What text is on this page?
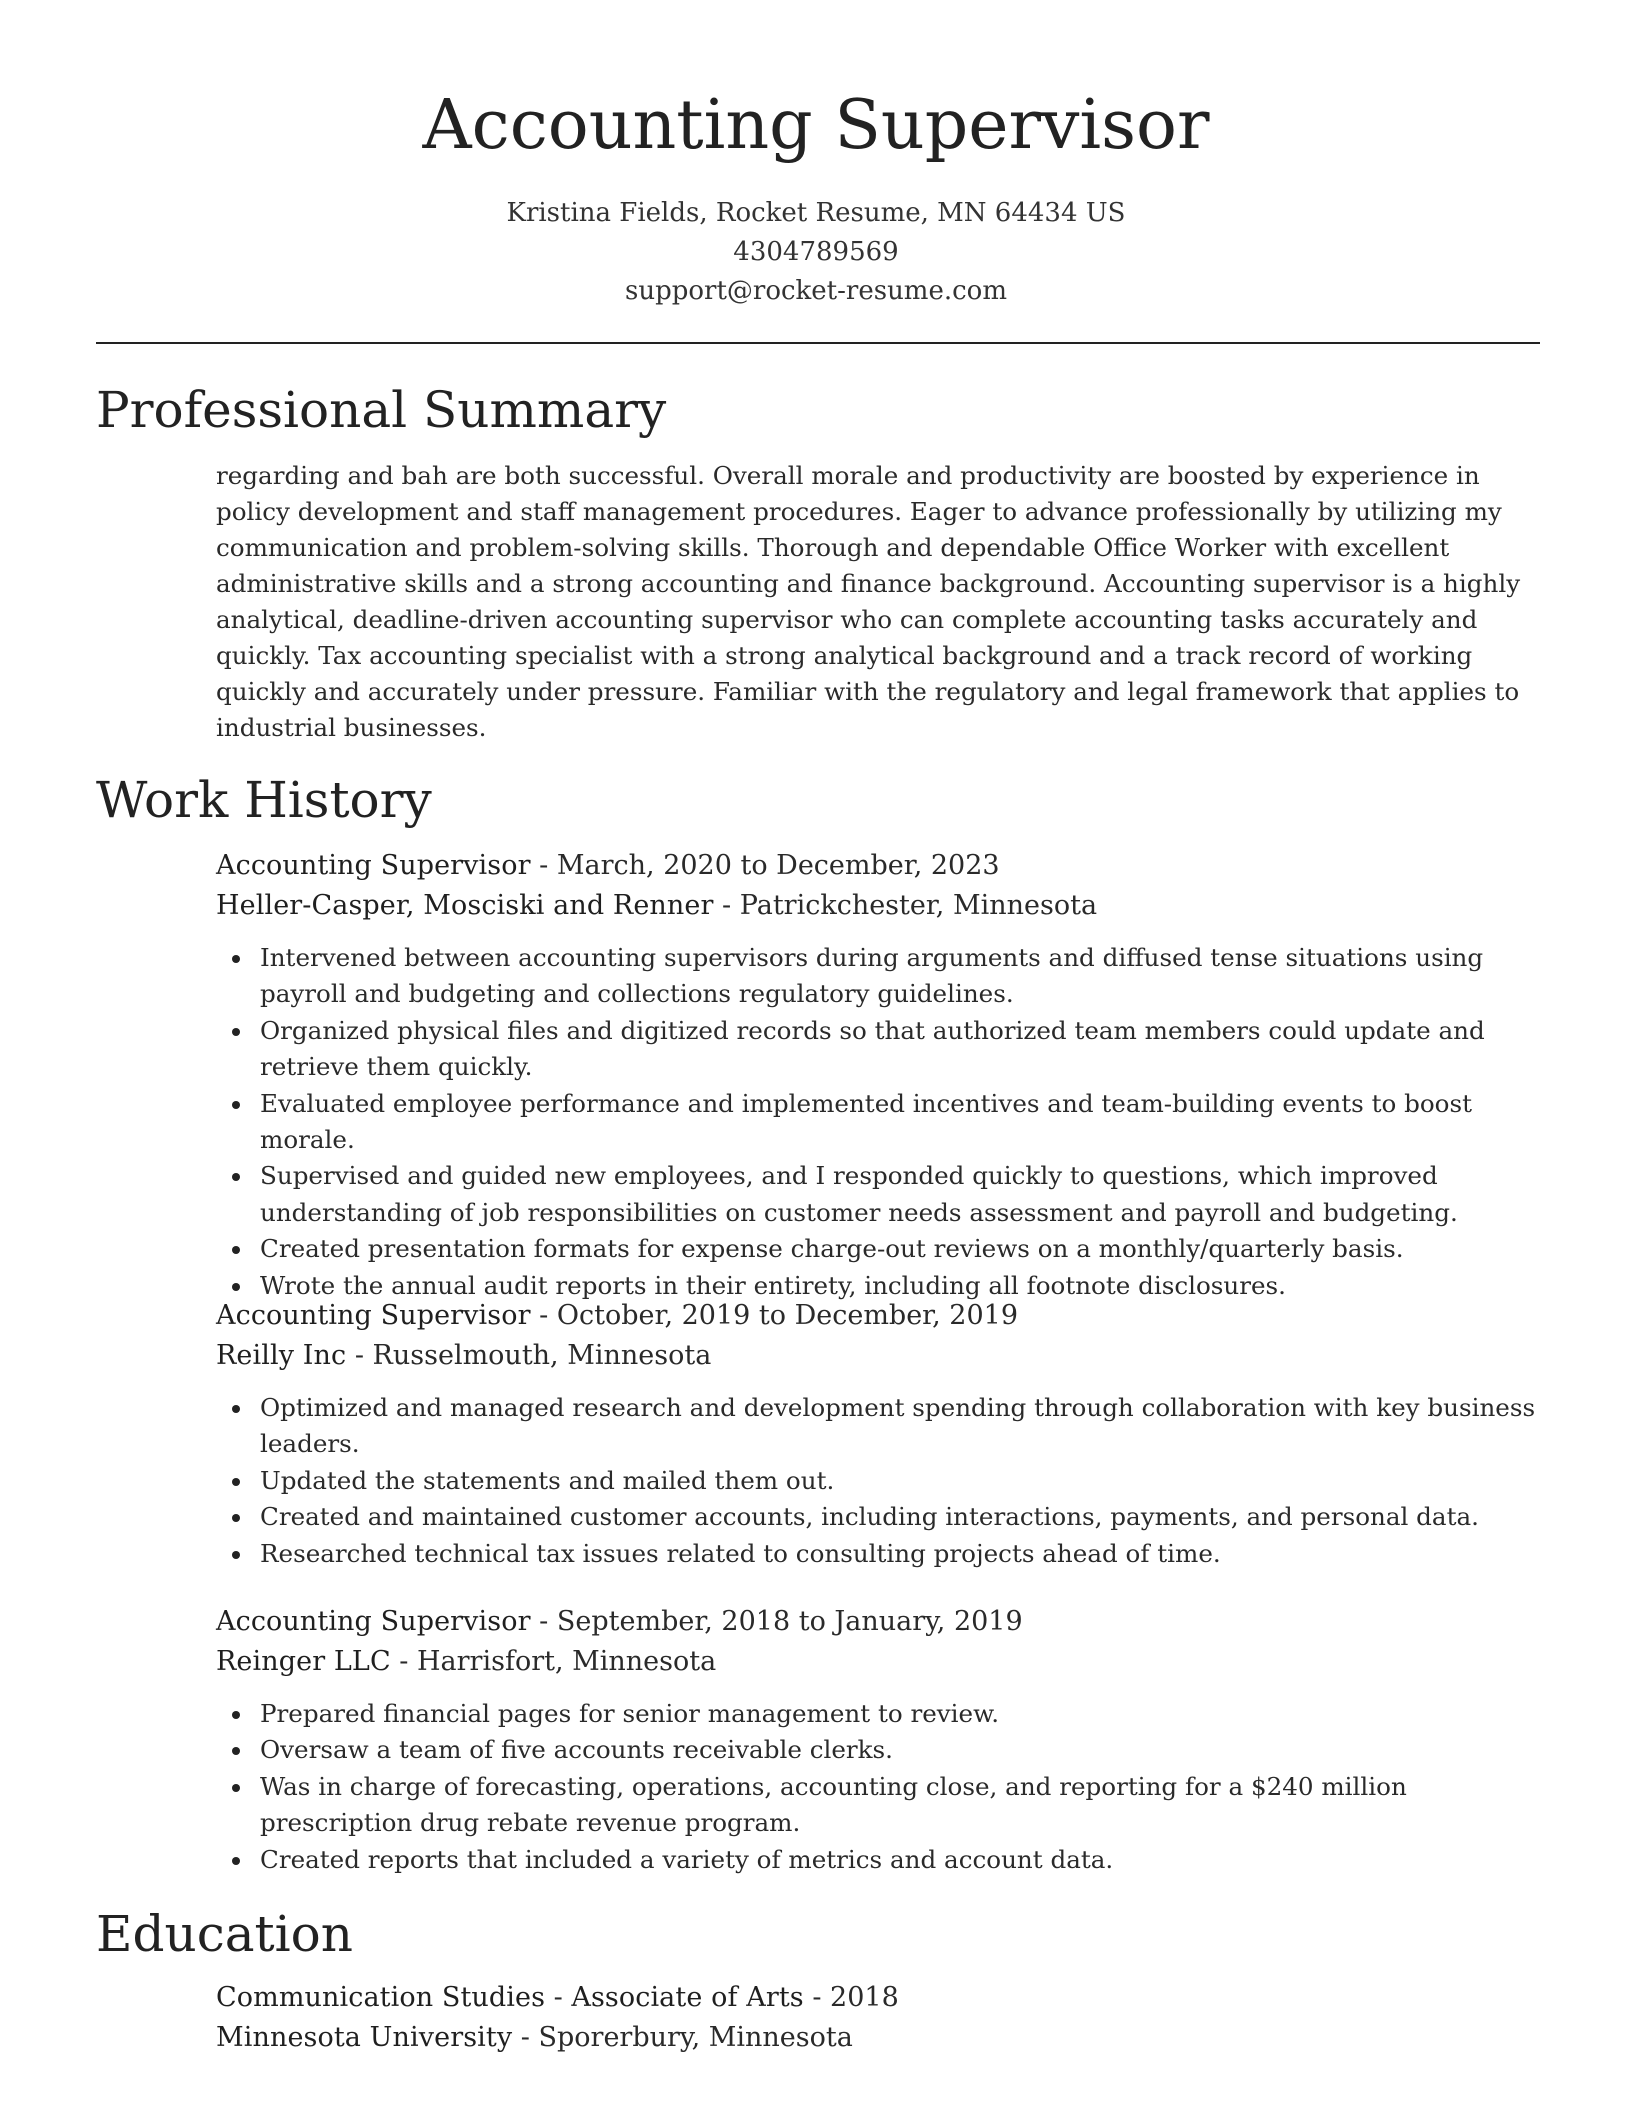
Accounting Supervisor
Kristina Fields, Rocket Resume, MN 64434 US
4304789569
support@rocket-resume.com
Professional Summary

regarding and bah are both successful. Overall morale and productivity are boosted by experience in policy development and staff management procedures. Eager to advance professionally by utilizing my communication and problem-solving skills. Thorough and dependable Office Worker with excellent administrative skills and a strong accounting and finance background. Accounting supervisor is a highly analytical, deadline-driven accounting supervisor who can complete accounting tasks accurately and quickly. Tax accounting specialist with a strong analytical background and a track record of working quickly and accurately under pressure. Familiar with the regulatory and legal framework that applies to industrial businesses.

Work History
Accounting Supervisor - March, 2020 to December, 2023
Heller-Casper, Mosciski and Renner - Patrickchester, Minnesota
Intervened between accounting supervisors during arguments and diffused tense situations using payroll and budgeting and collections regulatory guidelines.
Organized physical files and digitized records so that authorized team members could update and retrieve them quickly.
Evaluated employee performance and implemented incentives and team-building events to boost morale.
Supervised and guided new employees, and I responded quickly to questions, which improved understanding of job responsibilities on customer needs assessment and payroll and budgeting.
Created presentation formats for expense charge-out reviews on a monthly/quarterly basis.
Wrote the annual audit reports in their entirety, including all footnote disclosures.
Accounting Supervisor - October, 2019 to December, 2019
Reilly Inc - Russelmouth, Minnesota
Optimized and managed research and development spending through collaboration with key business leaders.
Updated the statements and mailed them out.
Created and maintained customer accounts, including interactions, payments, and personal data.
Researched technical tax issues related to consulting projects ahead of time.
Accounting Supervisor - September, 2018 to January, 2019
Reinger LLC - Harrisfort, Minnesota
Prepared financial pages for senior management to review.
Oversaw a team of five accounts receivable clerks.
Was in charge of forecasting, operations, accounting close, and reporting for a $240 million prescription drug rebate revenue program.
Created reports that included a variety of metrics and account data.
Education
Communication Studies - Associate of Arts - 2018
Minnesota University - Sporerbury, Minnesota
